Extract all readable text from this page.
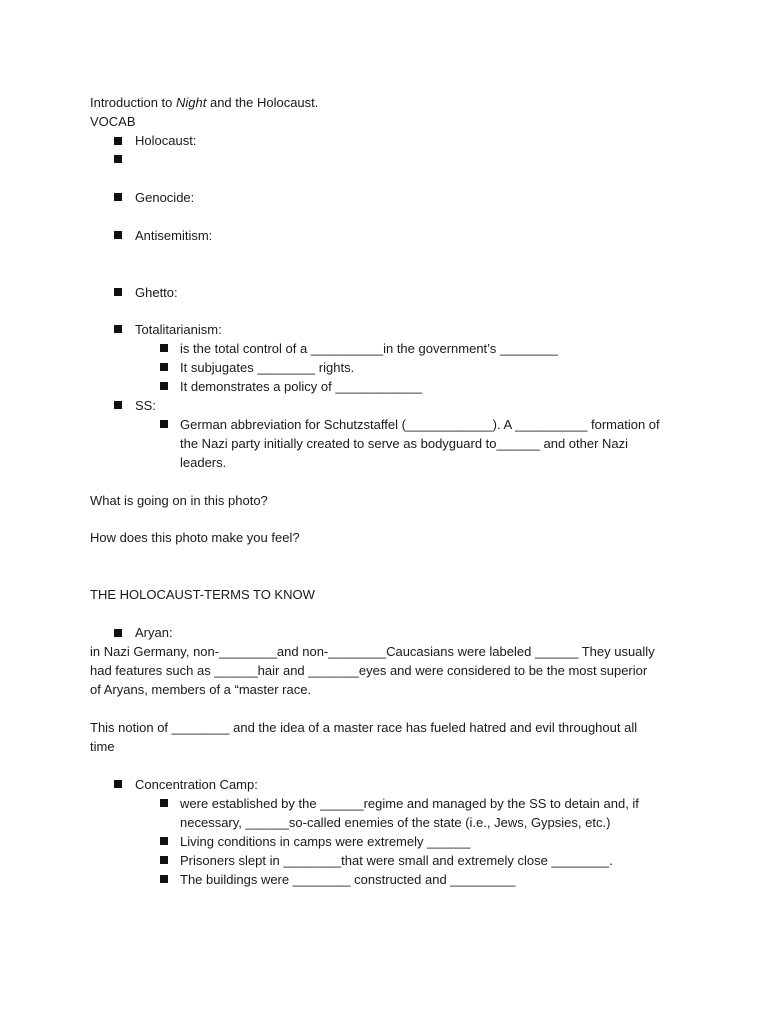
Introduction to Night and the Holocaust.
VOCAB
Holocaust:
Genocide:
Antisemitism:
Ghetto:
Totalitarianism:
is the total control of a __________in the government’s ________
It subjugates ________ rights.
It demonstrates a policy of ____________
SS:
German abbreviation for Schutzstaffel (____________). A __________ formation of
the Nazi party initially created to serve as bodyguard to______ and other Nazi
leaders.
What is going on in this photo?
How does this photo make you feel?
THE HOLOCAUST-TERMS TO KNOW
Aryan:
in Nazi Germany, non-________and non-________Caucasians were labeled ______ They usually
had features such as ______hair and _______eyes and were considered to be the most superior
of Aryans, members of a “master race.
This notion of ________ and the idea of a master race has fueled hatred and evil throughout all
time
Concentration Camp:
were established by the ______regime and managed by the SS to detain and, if
necessary, ______so-called enemies of the state (i.e., Jews, Gypsies, etc.)
Living conditions in camps were extremely ______
Prisoners slept in ________that were small and extremely close ________.
The buildings were ________ constructed and _________
